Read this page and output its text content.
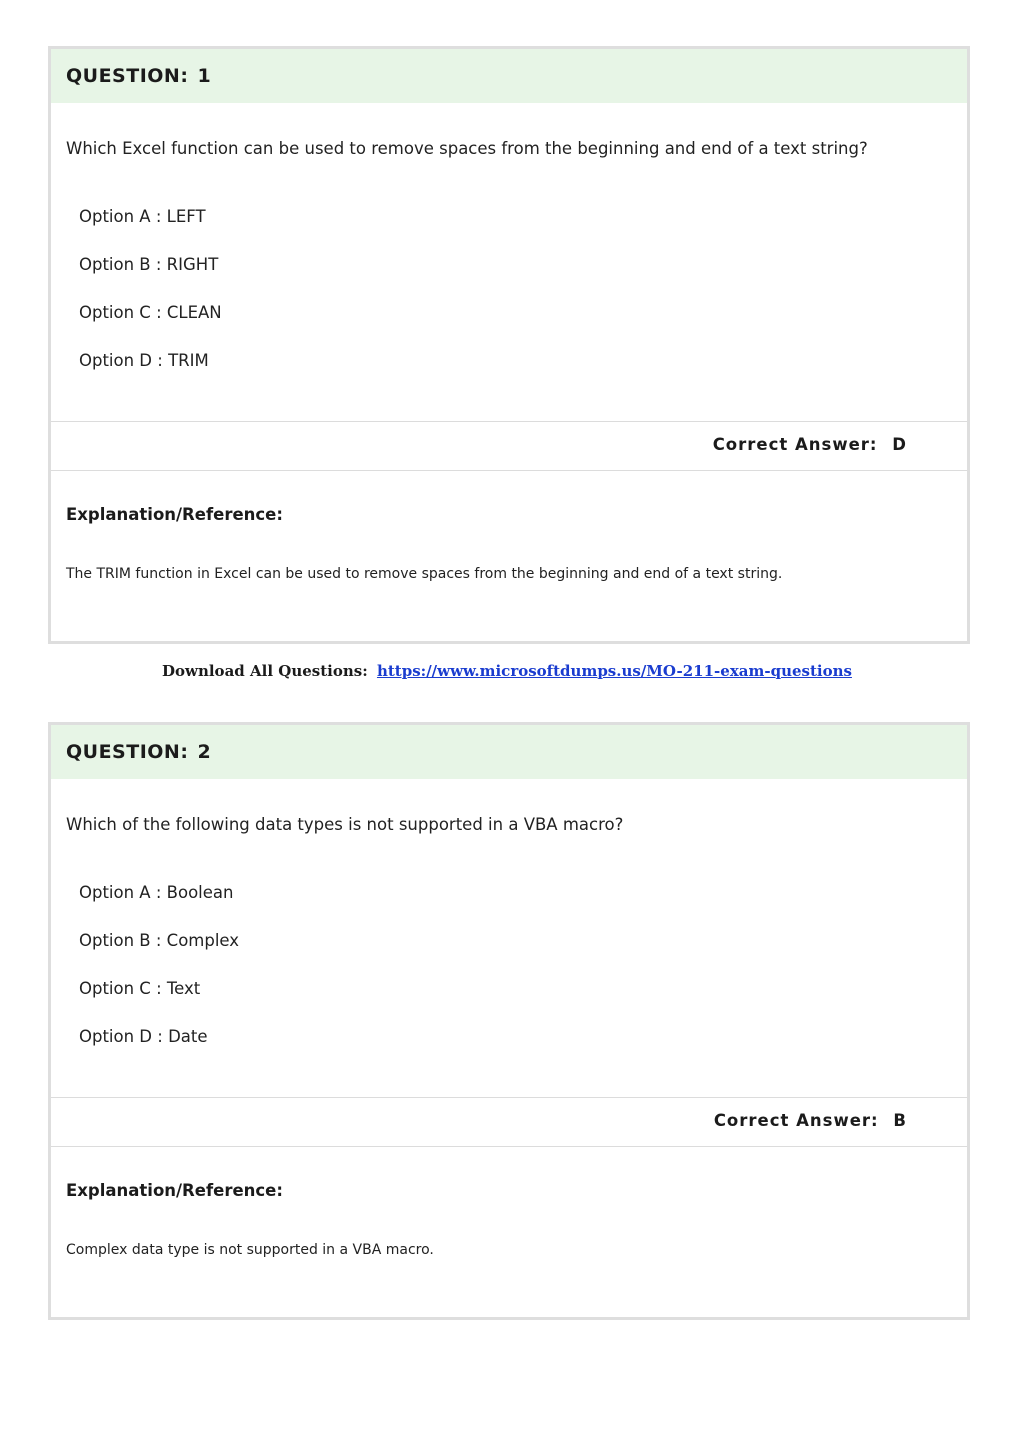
QUESTION: 1
Which Excel function can be used to remove spaces from the beginning and end of a text string?
Option A : LEFT
Option B : RIGHT
Option C : CLEAN
Option D : TRIM
Correct Answer: D
Explanation/Reference:
The TRIM function in Excel can be used to remove spaces from the beginning and end of a text string.
Download All Questions: https://www.microsoftdumps.us/MO-211-exam-questions
QUESTION: 2
Which of the following data types is not supported in a VBA macro?
Option A : Boolean
Option B : Complex
Option C : Text
Option D : Date
Correct Answer: B
Explanation/Reference:
Complex data type is not supported in a VBA macro.
